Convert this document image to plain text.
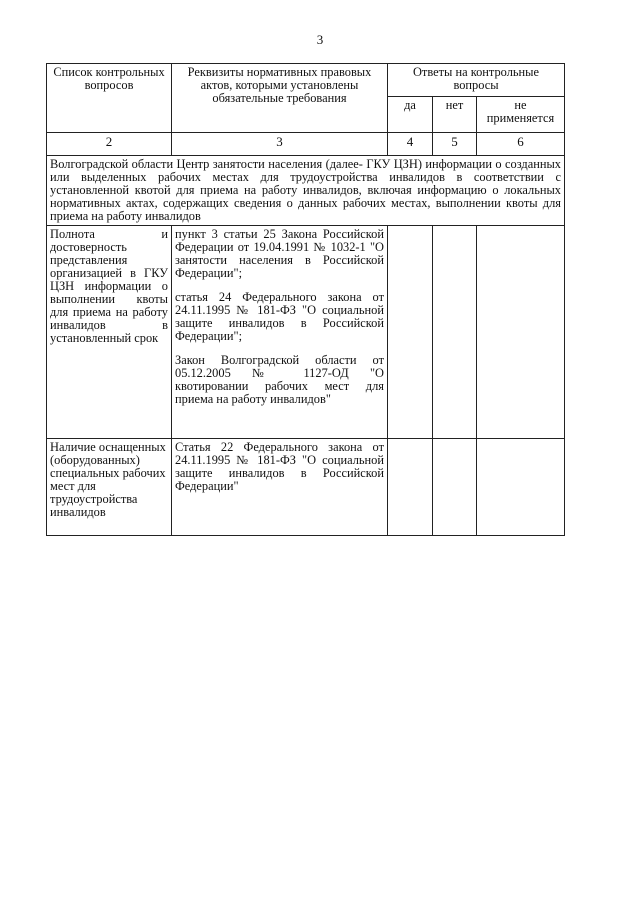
3
Список контрольных вопросов	Реквизиты нормативных правовых актов, которыми установлены обязательные требования	Ответы на контрольные вопросы		
		да	нет	не применяется
2	3	4	5	6
Волгоградской области Центр занятости населения (далее- ГКУ ЦЗН) информации о созданных или выделенных рабочих местах для трудоустройства инвалидов в соответствии с установленной квотой для приема на работу инвалидов, включая информацию о локальных нормативных актах, содержащих сведения о данных рабочих местах, выполнении квоты для приема на работу инвалидов				
Полнота и достоверность представления организацией в ГКУ ЦЗН информации о выполнении квоты для приема на работу инвалидов в установленный срок	пункт 3 статьи 25 Закона Российской Федерации от 19.04.1991 № 1032-1 "О занятости населения в Российской Федерации";

статья 24 Федерального закона от 24.11.1995 № 181-ФЗ "О социальной защите инвалидов в Российской Федерации";

Закон Волгоградской области от 05.12.2005 № 1127-ОД "О квотировании рабочих мест для приема на работу инвалидов"			

Наличие оснащенных (оборудованных) специальных рабочих мест для трудоустройства инвалидов	Статья 22 Федерального закона от 24.11.1995 № 181-ФЗ "О социальной защите инвалидов в Российской Федерации"			
